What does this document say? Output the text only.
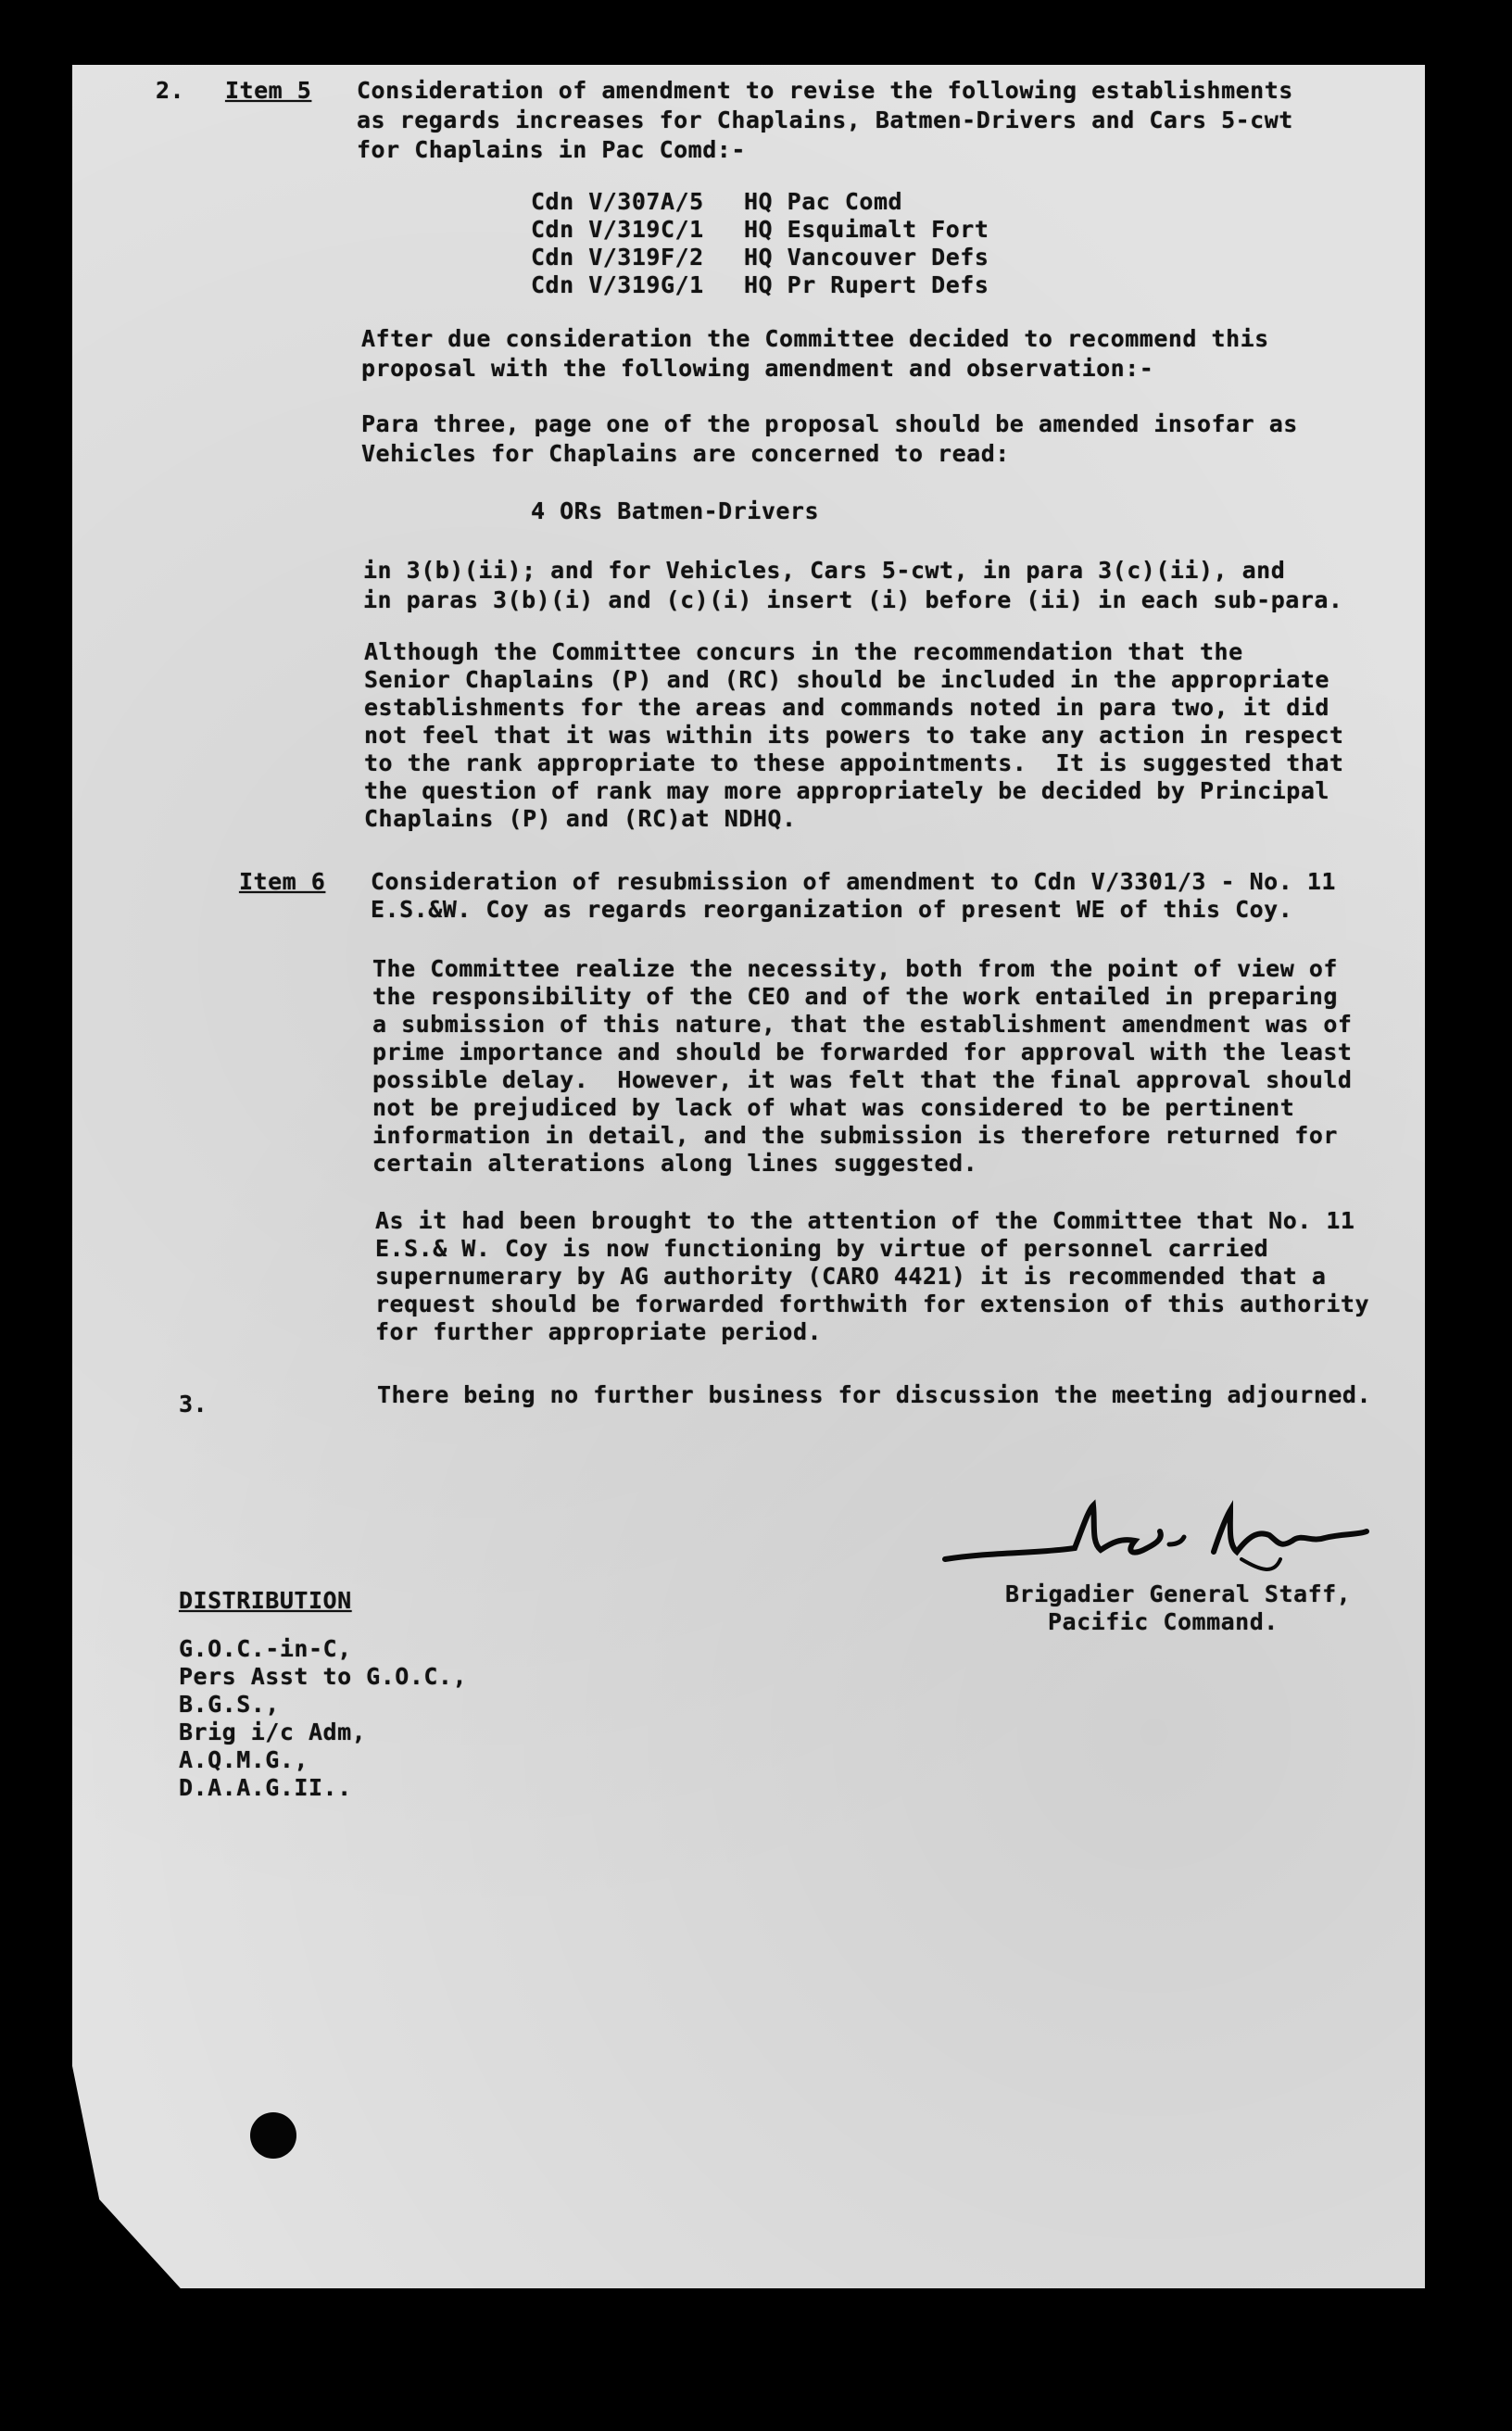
2. Item 5 Consideration of amendment to revise the following establishments
as regards increases for Chaplains, Batmen-Drivers and Cars 5-cwt
for Chaplains in Pac Comd:-
Cdn V/307A/5 HQ Pac Comd
Cdn V/319C/1 HQ Esquimalt Fort
Cdn V/319F/2 HQ Vancouver Defs
Cdn V/319G/1 HQ Pr Rupert Defs
After due consideration the Committee decided to recommend this
proposal with the following amendment and observation:-
Para three, page one of the proposal should be amended insofar as
Vehicles for Chaplains are concerned to read:
4 ORs Batmen-Drivers
in 3(b)(ii); and for Vehicles, Cars 5-cwt, in para 3(c)(ii), and
in paras 3(b)(i) and (c)(i) insert (i) before (ii) in each sub-para.
Although the Committee concurs in the recommendation that the
Senior Chaplains (P) and (RC) should be included in the appropriate
establishments for the areas and commands noted in para two, it did
not feel that it was within its powers to take any action in respect
to the rank appropriate to these appointments.  It is suggested that
the question of rank may more appropriately be decided by Principal
Chaplains (P) and (RC)at NDHQ.
Item 6 Consideration of resubmission of amendment to Cdn V/3301/3 - No. 11
E.S.&W. Coy as regards reorganization of present WE of this Coy.
The Committee realize the necessity, both from the point of view of
the responsibility of the CEO and of the work entailed in preparing
a submission of this nature, that the establishment amendment was of
prime importance and should be forwarded for approval with the least
possible delay.  However, it was felt that the final approval should
not be prejudiced by lack of what was considered to be pertinent
information in detail, and the submission is therefore returned for
certain alterations along lines suggested.
As it had been brought to the attention of the Committee that No. 11
E.S.& W. Coy is now functioning by virtue of personnel carried
supernumerary by AG authority (CARO 4421) it is recommended that a
request should be forwarded forthwith for extension of this authority
for further appropriate period.
3.	There being no further business for discussion the meeting adjourned.
Brigadier General Staff,
Pacific Command.
DISTRIBUTION
G.O.C.-in-C,
Pers Asst to G.O.C.,
B.G.S.,
Brig i/c Adm,
A.Q.M.G.,
D.A.A.G.II..
